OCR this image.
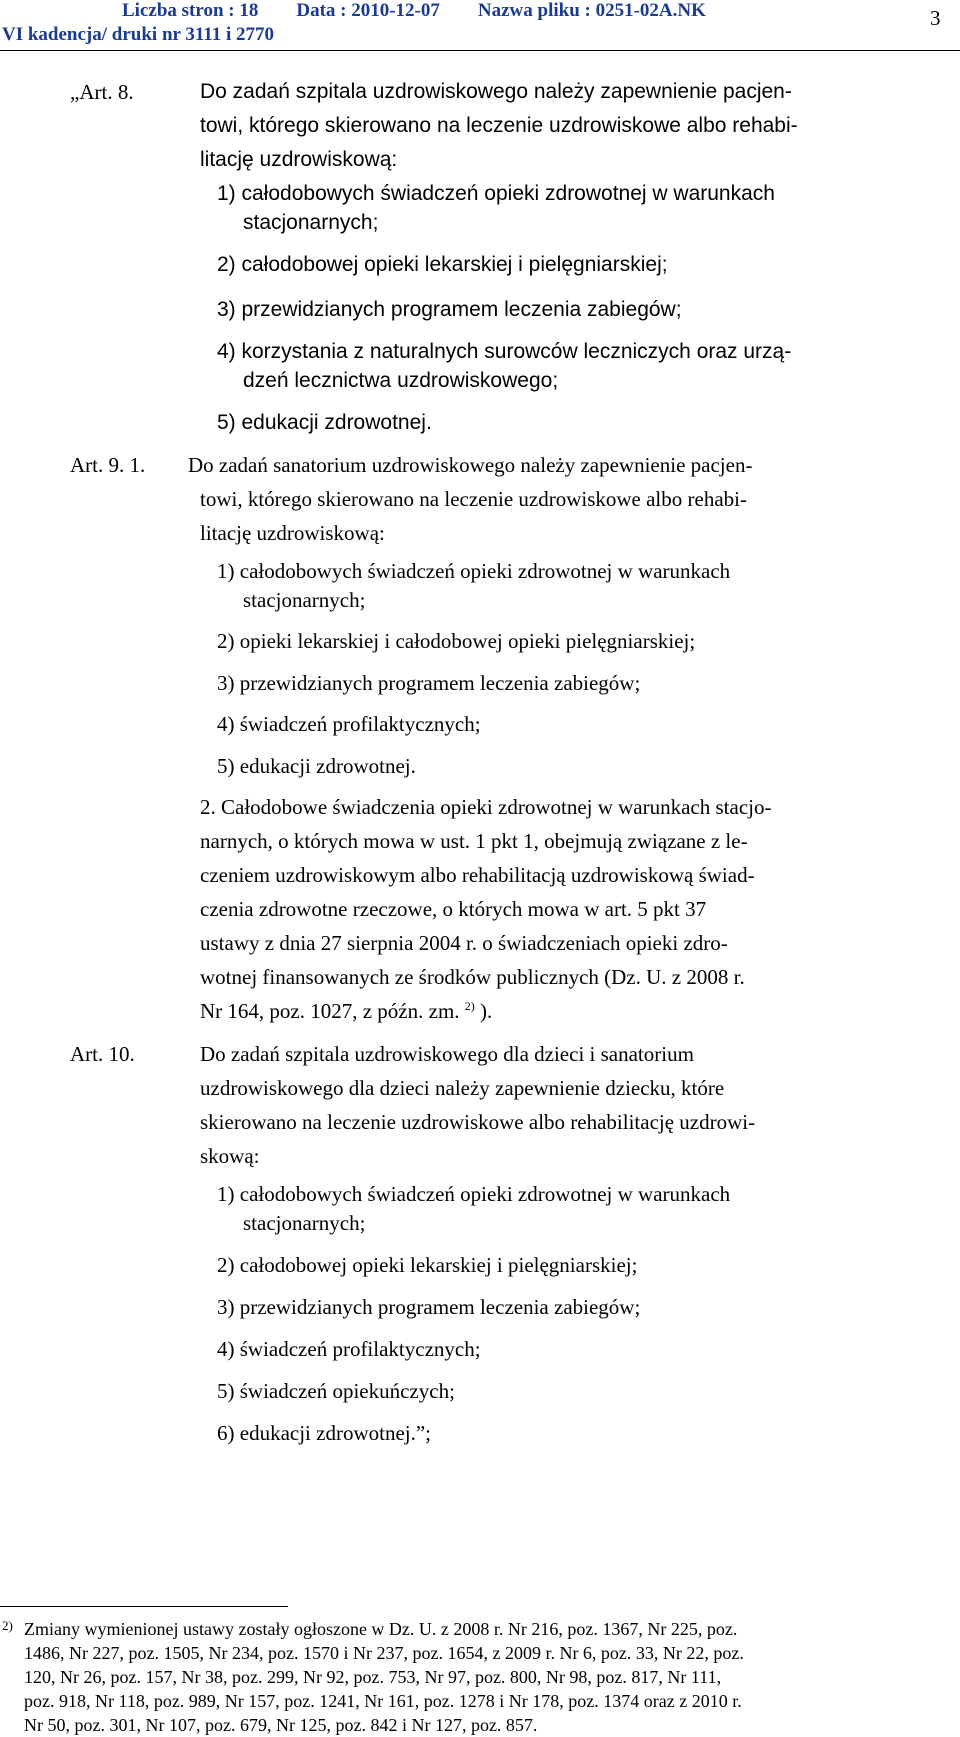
Liczba stron : 18 Data : 2010-12-07 Nazwa pliku : 0251-02A.NK
VI kadencja/ druki nr 3111 i 2770
3
„Art. 8.	Do zadań szpitala uzdrowiskowego należy zapewnienie pacjen-
towi, którego skierowano na leczenie uzdrowiskowe albo rehabi-
litację uzdrowiskową:
1) całodobowych świadczeń opieki zdrowotnej w warunkach
stacjonarnych;
2) całodobowej opieki lekarskiej i pielęgniarskiej;
3) przewidzianych programem leczenia zabiegów;
4) korzystania z naturalnych surowców leczniczych oraz urzą-
dzeń lecznictwa uzdrowiskowego;
5) edukacji zdrowotnej.
Art. 9. 1. Do zadań sanatorium uzdrowiskowego należy zapewnienie pacjen-
towi, którego skierowano na leczenie uzdrowiskowe albo rehabi-
litację uzdrowiskową:
1) całodobowych świadczeń opieki zdrowotnej w warunkach
stacjonarnych;
2) opieki lekarskiej i całodobowej opieki pielęgniarskiej;
3) przewidzianych programem leczenia zabiegów;
4) świadczeń profilaktycznych;
5) edukacji zdrowotnej.
2. Całodobowe świadczenia opieki zdrowotnej w warunkach stacjo-
narnych, o których mowa w ust. 1 pkt 1, obejmują związane z le-
czeniem uzdrowiskowym albo rehabilitacją uzdrowiskową świad-
czenia zdrowotne rzeczowe, o których mowa w art. 5 pkt 37
ustawy z dnia 27 sierpnia 2004 r. o świadczeniach opieki zdro-
wotnej finansowanych ze środków publicznych (Dz. U. z 2008 r.
Nr 164, poz. 1027, z późn. zm. $^{2)}$ ).
Art. 10.	Do zadań szpitala uzdrowiskowego dla dzieci i sanatorium
uzdrowiskowego dla dzieci należy zapewnienie dziecku, które
skierowano na leczenie uzdrowiskowe albo rehabilitację uzdrowi-
skową:
1) całodobowych świadczeń opieki zdrowotnej w warunkach
stacjonarnych;
2) całodobowej opieki lekarskiej i pielęgniarskiej;
3) przewidzianych programem leczenia zabiegów;
4) świadczeń profilaktycznych;
5) świadczeń opiekuńczych;
6) edukacji zdrowotnej.”;
2) Zmiany wymienionej ustawy zostały ogłoszone w Dz. U. z 2008 r. Nr 216, poz. 1367, Nr 225, poz.
1486, Nr 227, poz. 1505, Nr 234, poz. 1570 i Nr 237, poz. 1654, z 2009 r. Nr 6, poz. 33, Nr 22, poz.
120, Nr 26, poz. 157, Nr 38, poz. 299, Nr 92, poz. 753, Nr 97, poz. 800, Nr 98, poz. 817, Nr 111,
poz. 918, Nr 118, poz. 989, Nr 157, poz. 1241, Nr 161, poz. 1278 i Nr 178, poz. 1374 oraz z 2010 r.
Nr 50, poz. 301, Nr 107, poz. 679, Nr 125, poz. 842 i Nr 127, poz. 857.
